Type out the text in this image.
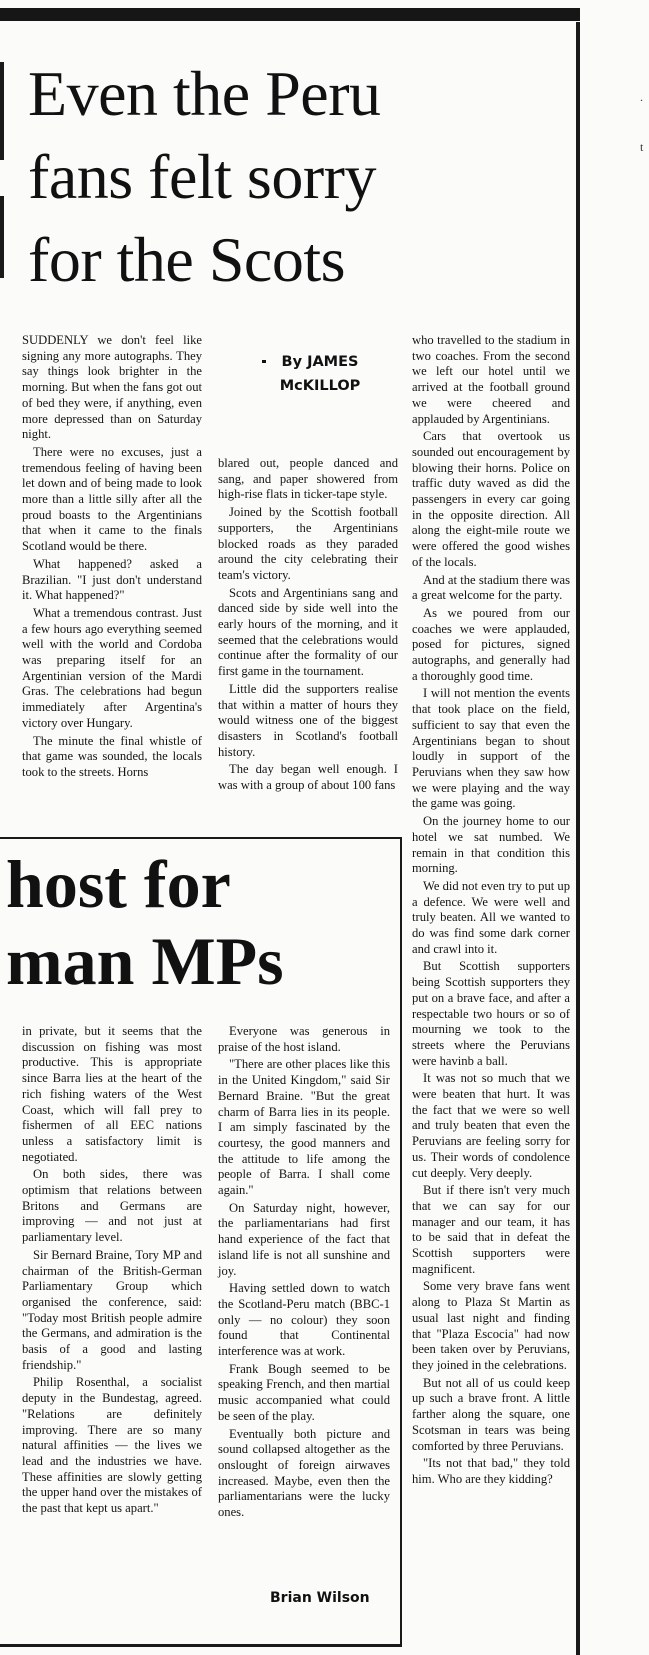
.
t
Even the Peru
fans felt sorry
for the Scots
By JAMES
McKILLOP

SUDDENLY we don't feel like signing any more autographs. They say things look brighter in the morning. But when the fans got out of bed they were, if anything, even more depressed than on Saturday night.

There were no excuses, just a tremendous feeling of having been let down and of being made to look more than a little silly after all the proud boasts to the Argentinians that when it came to the finals Scotland would be there.

What happened? asked a Brazilian. "I just don't understand it. What happened?"

What a tremendous contrast. Just a few hours ago everything seemed well with the world and Cordoba was preparing itself for an Argentinian version of the Mardi Gras. The celebrations had begun immediately after Argentina's victory over Hungary.

The minute the final whistle of that game was sounded, the locals took to the streets. Horns

blared out, people danced and sang, and paper showered from high-rise flats in ticker-tape style.

Joined by the Scottish football supporters, the Argentinians blocked roads as they paraded around the city celebrating their team's victory.

Scots and Argentinians sang and danced side by side well into the early hours of the morning, and it seemed that the celebrations would continue after the formality of our first game in the tournament.

Little did the supporters realise that within a matter of hours they would witness one of the biggest disasters in Scotland's football history.

The day began well enough. I was with a group of about 100 fans

who travelled to the stadium in two coaches. From the second we left our hotel until we arrived at the football ground we were cheered and applauded by Argentinians.

Cars that overtook us sounded out encouragement by blowing their horns. Police on traffic duty waved as did the passengers in every car going in the opposite direction. All along the eight-mile route we were offered the good wishes of the locals.

And at the stadium there was a great welcome for the party.

As we poured from our coaches we were applauded, posed for pictures, signed autographs, and generally had a thoroughly good time.

I will not mention the events that took place on the field, sufficient to say that even the Argentinians began to shout loudly in support of the Peruvians when they saw how we were playing and the way the game was going.

On the journey home to our hotel we sat numbed. We remain in that condition this morning.

We did not even try to put up a defence. We were well and truly beaten. All we wanted to do was find some dark corner and crawl into it.

But Scottish supporters being Scottish supporters they put on a brave face, and after a respectable two hours or so of mourning we took to the streets where the Peruvians were havinb a ball.

It was not so much that we were beaten that hurt. It was the fact that we were so well and truly beaten that even the Peruvians are feeling sorry for us. Their words of condolence cut deeply. Very deeply.

But if there isn't very much that we can say for our manager and our team, it has to be said that in defeat the Scottish supporters were magnificent.

Some very brave fans went along to Plaza St Martin as usual last night and finding that "Plaza Escocia" had now been taken over by Peruvians, they joined in the celebrations.

But not all of us could keep up such a brave front. A little farther along the square, one Scotsman in tears was being comforted by three Peruvians.

"Its not that bad," they told him. Who are they kidding?

host for
man MPs

in private, but it seems that the discussion on fishing was most productive. This is appropriate since Barra lies at the heart of the rich fishing waters of the West Coast, which will fall prey to fishermen of all EEC nations unless a satisfactory limit is negotiated.

On both sides, there was optimism that relations between Britons and Germans are improving — and not just at parliamentary level.

Sir Bernard Braine, Tory MP and chairman of the British-German Parliamentary Group which organised the conference, said: "Today most British people admire the Germans, and admiration is the basis of a good and lasting friendship."

Philip Rosenthal, a socialist deputy in the Bundestag, agreed. "Relations are definitely improving. There are so many natural affinities — the lives we lead and the industries we have. These affinities are slowly getting the upper hand over the mistakes of the past that kept us apart."

Everyone was generous in praise of the host island.

"There are other places like this in the United Kingdom," said Sir Bernard Braine. "But the great charm of Barra lies in its people. I am simply fascinated by the courtesy, the good manners and the attitude to life among the people of Barra. I shall come again."

On Saturday night, however, the parliamentarians had first hand experience of the fact that island life is not all sunshine and joy.

Having settled down to watch the Scotland-Peru match (BBC-1 only — no colour) they soon found that Continental interference was at work.

Frank Bough seemed to be speaking French, and then martial music accompanied what could be seen of the play.

Eventually both picture and sound collapsed altogether as the onslought of foreign airwaves increased. Maybe, even then the parliamentarians were the lucky ones.

Brian Wilson
